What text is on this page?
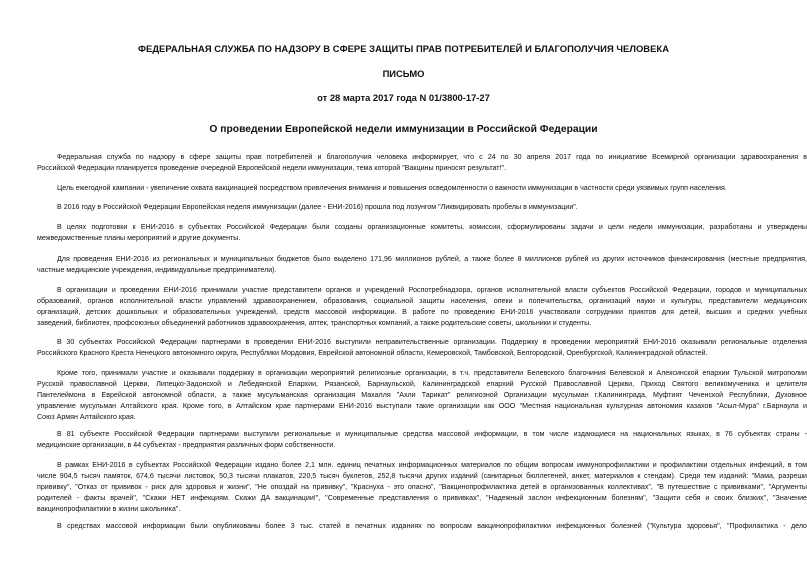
ФЕДЕРАЛЬНАЯ СЛУЖБА ПО НАДЗОРУ В СФЕРЕ ЗАЩИТЫ ПРАВ ПОТРЕБИТЕЛЕЙ И БЛАГОПОЛУЧИЯ ЧЕЛОВЕКА
ПИСЬМО
от 28 марта 2017 года N 01/3800-17-27
О проведении Европейской недели иммунизации в Российской Федерации
Федеральная служба по надзору в сфере защиты прав потребителей и благополучия человека информирует, что с 24 по 30 апреля 2017 года по инициативе Всемирной организации здравоохранения в
Российской Федерации планируется проведение очередной Европейской недели иммунизации, тема которой "Вакцины приносят результат!".
Цель ежегодной кампании - увеличение охвата вакцинацией посредством привлечения внимания и повышения осведомленности о важности иммунизации в частности среди уязвимых групп населения.
В 2016 году в Российской Федерации Европейская неделя иммунизации (далее - ЕНИ-2016) прошла под лозунгом "Ликвидировать пробелы в иммунизации".
В целях подготовки к ЕНИ-2016 в субъектах Российской Федерации были созданы организационные комитеты, комиссии, сформулированы задачи и цели недели иммунизации, разработаны и утверждены
межведомственные планы мероприятий и другие документы.
Для проведения ЕНИ-2016 из региональных и муниципальных бюджетов было выделено 171,96 миллионов рублей, а также более 8 миллионов рублей из других источников финансирования (местные предприятия,
частные медицинские учреждения, индивидуальные предприниматели).
В организации и проведении ЕНИ-2016 принимали участие представители органов и учреждений Роспотребнадзора, органов исполнительной власти субъектов Российской Федерации, городов и муниципальных
образований, органов исполнительной власти управлений здравоохранением, образования, социальной защиты населения, опеки и попечительства, организаций науки и культуры, представители медицинских
организаций, детских дошкольных и образовательных учреждений, средств массовой информации. В работе по проведению ЕНИ-2016 участвовали сотрудники приютов для детей, высших и средних учебных
заведений, библиотек, профсоюзных объединений работников здравоохранения, аптек, транспортных компаний, а также родительские советы, школьники и студенты.
В 30 субъектах Российской Федерации партнерами в проведении ЕНИ-2016 выступили неправительственные организации. Поддержку в проведении мероприятий ЕНИ-2016 оказывали региональные отделения
Российского Красного Креста Ненецкого автономного округа, Республики Мордовия, Еврейской автономной области, Кемеровской, Тамбовской, Белгородской, Оренбургской, Калининградской областей.
Кроме того, принимали участие и оказывали поддержку в организации мероприятий религиозные организации, в т.ч. представители Белевского благочиния Белевской и Алексинской епархии Тульской митрополии
Русской православной Церкви, Липецко-Задонской и Лебедянской Епархии, Рязанской, Барнаульской, Калининградской епархий Русской Православной Церкви, Приход Святого великомученика и целителя
Пантелеймона в Еврейской автономной области, а также мусульманская организация Махалля "Ахли Тарикат" религиозной Организации мусульман г.Калининграда, Муфтият Чеченской Республики, Духовное
управление мусульман Алтайского края. Кроме того, в Алтайском крае партнерами ЕНИ-2016 выступали такие организации как ООО "Местная национальная культурная автономия казахов "Асыл-Мура" г.Барнаула и
Союз Армян Алтайского края.
В 81 субъекте Российской Федерации партнерами выступили региональные и муниципальные средства массовой информации, в том числе издающиеся на национальных языках, в 76 субъектах страны -
медицинские организации, в 44 субъектах - предприятия различных форм собственности.
В рамках ЕНИ-2016 в субъектах Российской Федерации издано более 2,1 млн. единиц печатных информационных материалов по общим вопросам иммунопрофилактики и профилактики отдельных инфекций, в том
числе 904,5 тысяч памяток, 674,6 тысячи листовок, 50,3 тысячи плакатов, 220,5 тысяч буклетов, 252,8 тысячи других изданий (санитарных бюллетеней, анкет, материалов к стендам). Среди тем изданий: "Мама, разреши
прививку", "Отказ от прививок - риск для здоровья и жизни", "Не опоздай на прививку", "Краснуха - это опасно", "Вакцинопрофилактика детей в организованных коллективах", "В путешествие с прививками", "Аргументы
родителей - факты врачей", "Скажи НЕТ инфекциям. Скажи ДА вакцинации!", "Современные представления о прививках", "Надежный заслон инфекционным болезням", "Защити себя и своих близких", "Значение
вакцинопрофилактики в жизни школьника".
В средствах массовой информации были опубликованы более 3 тыс. статей в печатных изданиях по вопросам вакцинопрофилактики инфекционных болезней ("Культура здоровья", "Профилактика - дело
